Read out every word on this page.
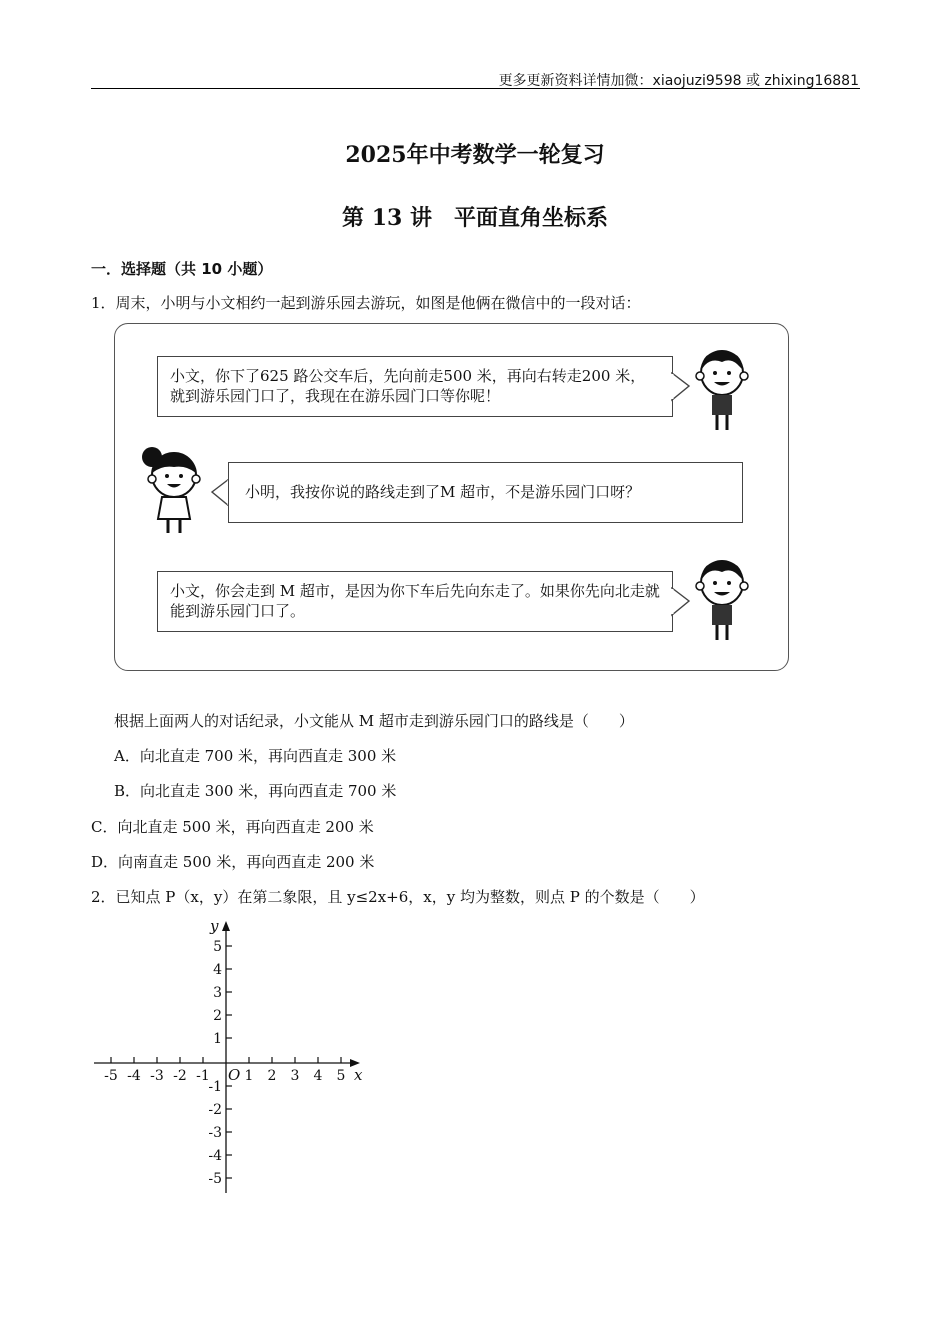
更多更新资料详情加微：xiaojuzi9598 或 zhixing16881
2025年中考数学一轮复习
第 13 讲　平面直角坐标系
一．选择题（共 10 小题）
1．周末，小明与小文相约一起到游乐园去游玩，如图是他俩在微信中的一段对话：
小文，你下了625 路公交车后，先向前走500 米，再向右转走200 米，就到游乐园门口了，我现在在游乐园门口等你呢！
小明，我按你说的路线走到了M 超市，不是游乐园门口呀？
小文，你会走到 M 超市，是因为你下车后先向东走了。如果你先向北走就能到游乐园门口了。
根据上面两人的对话纪录，小文能从 M 超市走到游乐园门口的路线是（　　）
A．向北直走 700 米，再向西直走 300 米
B．向北直走 300 米，再向西直走 700 米
C．向北直走 500 米，再向西直走 200 米
D．向南直走 500 米，再向西直走 200 米
2．已知点 P（x，y）在第二象限，且 y≤2x+6，x，y 均为整数，则点 P 的个数是（　　）
-5 -4 -3 -2 -1 1 2 3 4 5
5
4
3
2
1
-1
-2
-3
-4
-5
O	x
y
